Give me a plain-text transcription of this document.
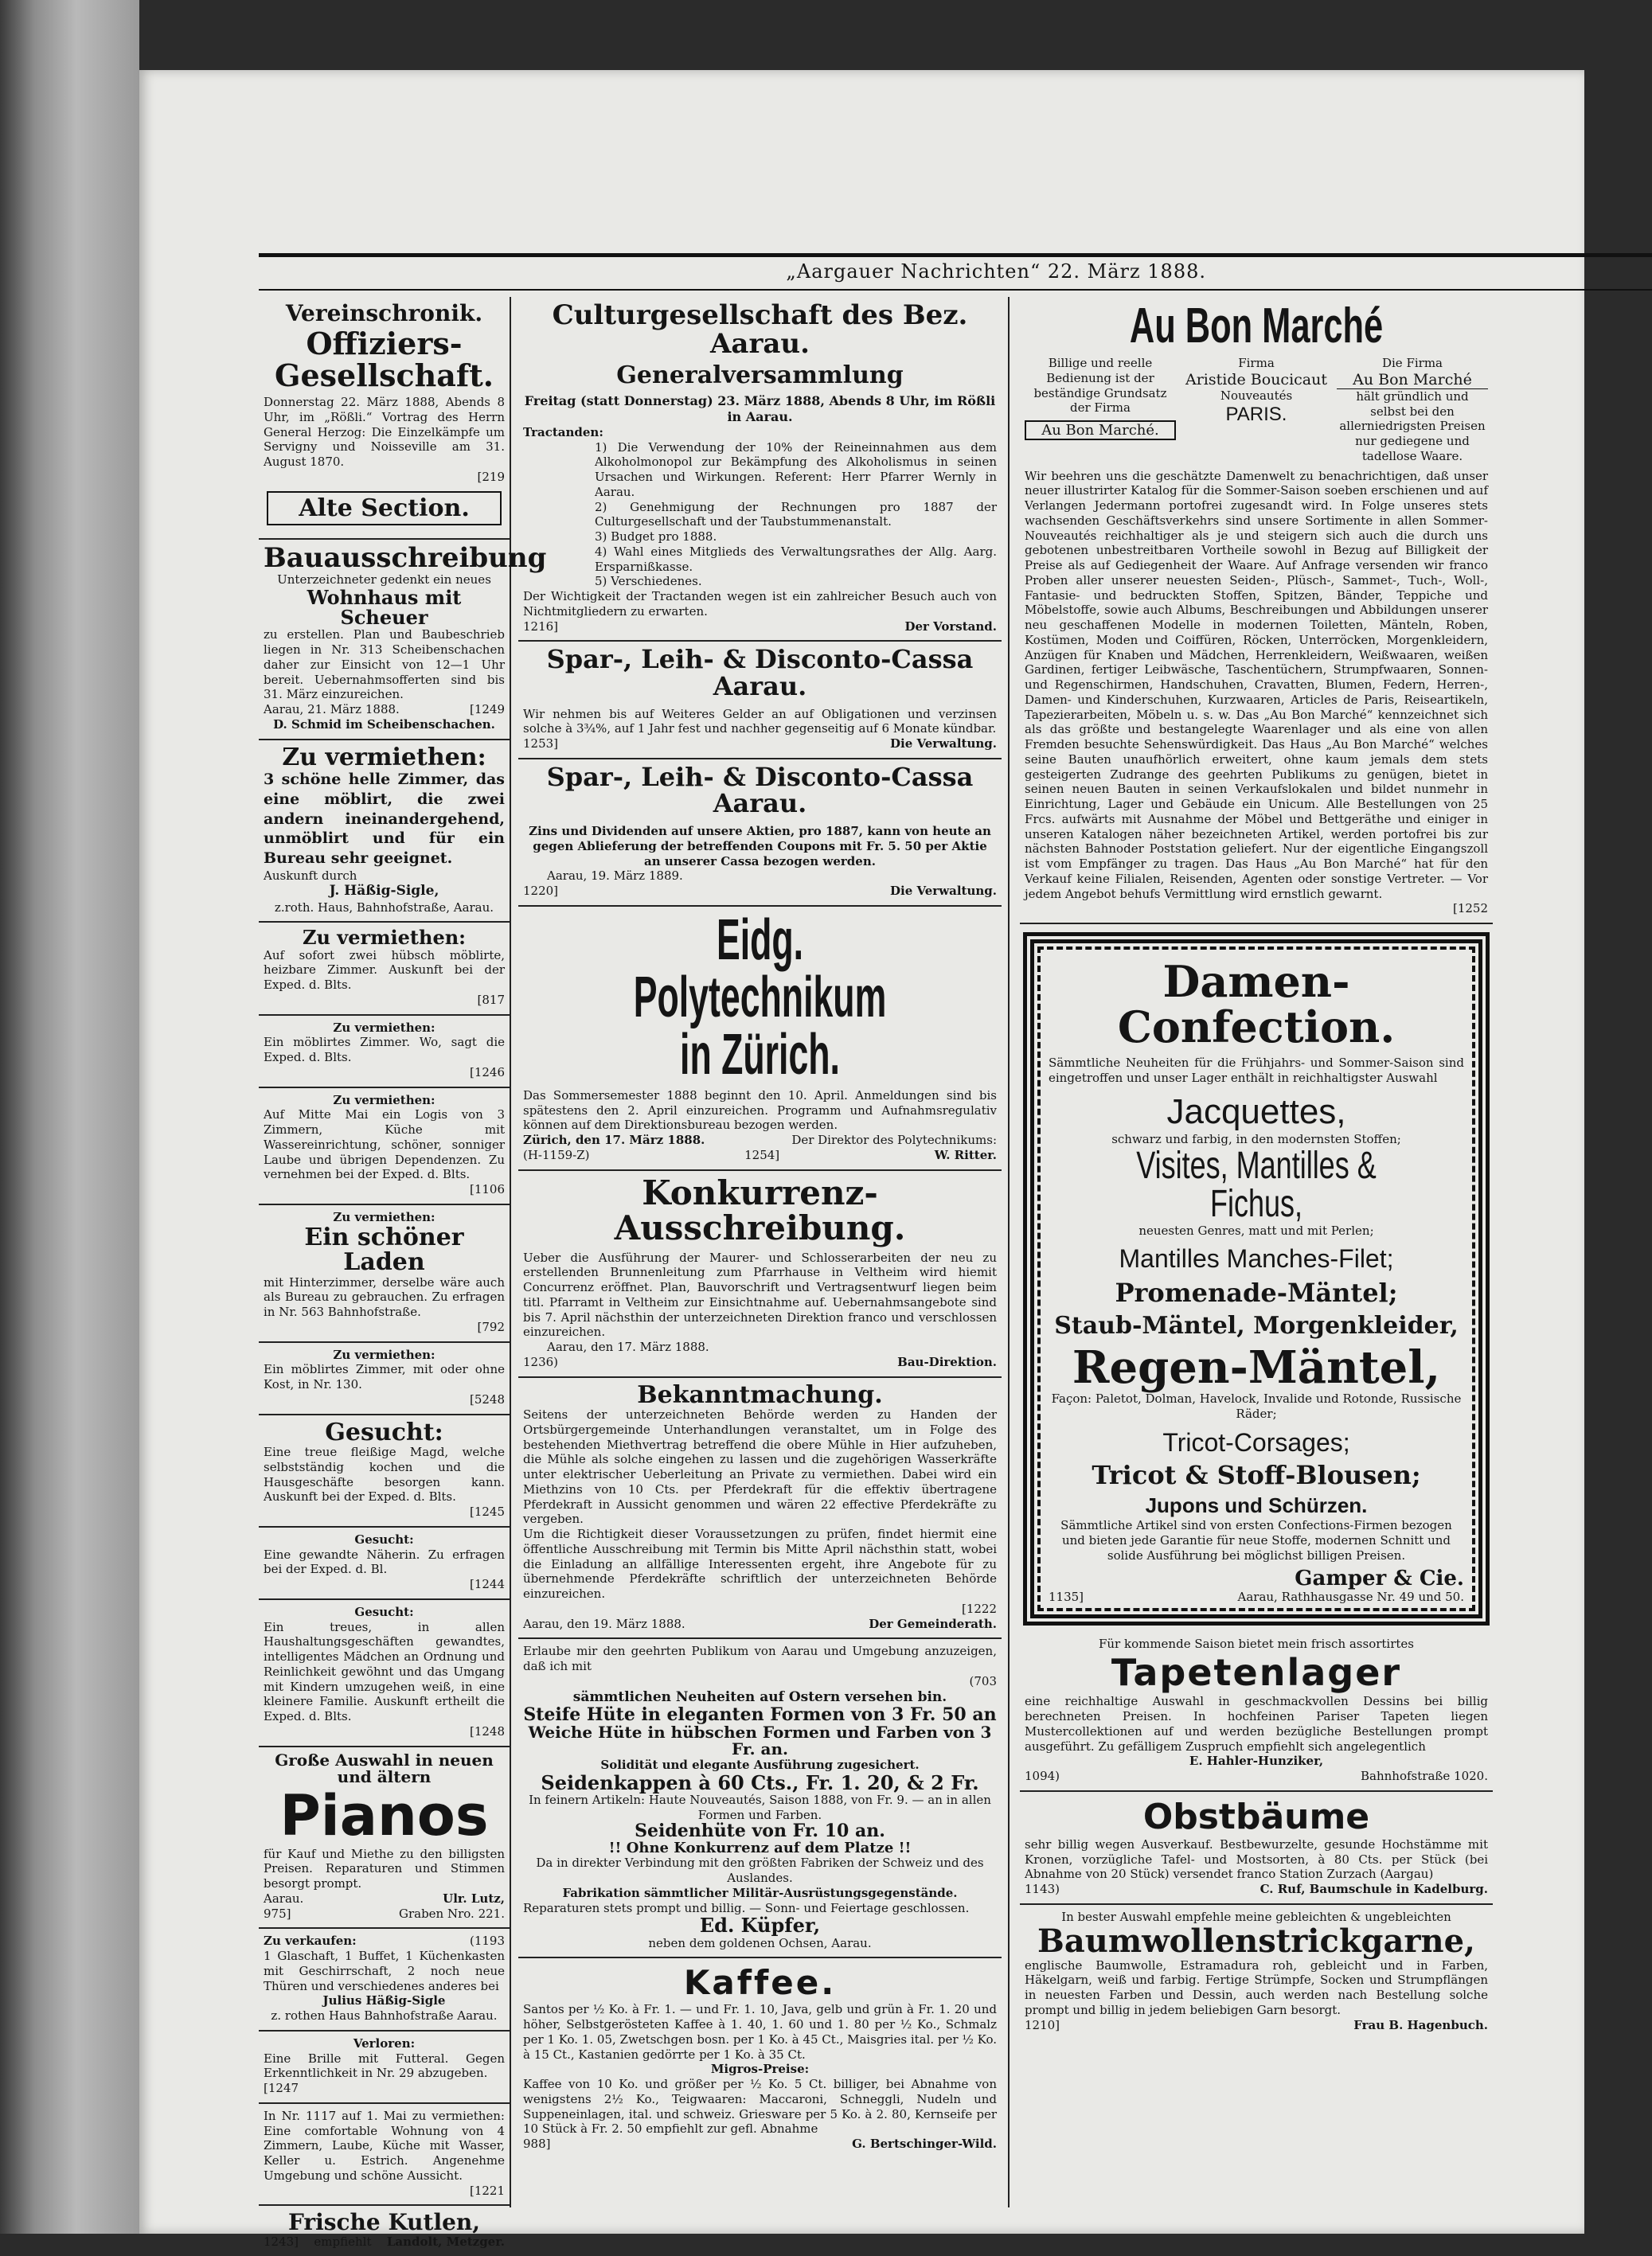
„Aargauer Nachrichten“ 22. März 1888.
Vereinschronik.
Offiziers-Gesellschaft.
Donnerstag 22. März 1888, Abends 8 Uhr, im „Rößli.“ Vortrag des Herrn General Herzog: Die Einzelkämpfe um Servigny und Noisseville am 31. August 1870.
[219
Alte Section.
Bauausschreibung
Unterzeichneter gedenkt ein neues
Wohnhaus mit Scheuer
zu erstellen. Plan und Baubeschrieb liegen in Nr. 313 Scheibenschachen daher zur Einsicht von 12—1 Uhr bereit. Uebernahmsofferten sind bis 31. März einzureichen.
Aarau, 21. März 1888.	[1249
D. Schmid im Scheibenschachen.
Zu vermiethen:
3 schöne helle Zimmer, das eine möblirt, die zwei andern ineinandergehend, unmöblirt und für ein Bureau sehr geeignet.
Auskunft durch
J. Häßig-Sigle,
z.roth. Haus, Bahnhofstraße, Aarau.
Zu vermiethen:
Auf sofort zwei hübsch möblirte, heizbare Zimmer. Auskunft bei der Exped. d. Blts.
[817
Zu vermiethen:
Ein möblirtes Zimmer. Wo, sagt die Exped. d. Blts.
[1246
Zu vermiethen:
Auf Mitte Mai ein Logis von 3 Zimmern, Küche mit Wassereinrichtung, schöner, sonniger Laube und übrigen Dependenzen. Zu vernehmen bei der Exped. d. Blts.
[1106
Zu vermiethen:
Ein schöner Laden
mit Hinterzimmer, derselbe wäre auch als Bureau zu gebrauchen. Zu erfragen in Nr. 563 Bahnhofstraße.
[792
Zu vermiethen:
Ein möblirtes Zimmer, mit oder ohne Kost, in Nr. 130.
[5248
Gesucht:
Eine treue fleißige Magd, welche selbstständig kochen und die Hausgeschäfte besorgen kann. Auskunft bei der Exped. d. Blts.
[1245
Gesucht:
Eine gewandte Näherin. Zu erfragen bei der Exped. d. Bl.
[1244
Gesucht:
Ein treues, in allen Haushaltungsgeschäften gewandtes, intelligentes Mädchen an Ordnung und Reinlichkeit gewöhnt und das Umgang mit Kindern umzugehen weiß, in eine kleinere Familie. Auskunft ertheilt die Exped. d. Blts.
[1248
Große Auswahl in neuen und ältern
Pianos
für Kauf und Miethe zu den billigsten Preisen. Reparaturen und Stimmen besorgt prompt.
Aarau.	Ulr. Lutz,
975]	Graben Nro. 221.
Zu verkaufen:	(1193
1 Glaschaft, 1 Buffet, 1 Küchenkasten mit Geschirrschaft, 2 noch neue Thüren und verschiedenes anderes bei
Julius Häßig-Sigle
z. rothen Haus Bahnhofstraße Aarau.
Verloren:
Eine Brille mit Futteral. Gegen Erkenntlichkeit in Nr. 29 abzugeben.
[1247
In Nr. 1117 auf 1. Mai zu vermiethen: Eine comfortable Wohnung von 4 Zimmern, Laube, Küche mit Wasser, Keller u. Estrich. Angenehme Umgebung und schöne Aussicht.
[1221
Frische Kutlen,
1243] empfiehlt Landolt, Metzger.
Culturgesellschaft des Bez. Aarau.
Generalversammlung
Freitag (statt Donnerstag) 23. März 1888, Abends 8 Uhr, im Rößli in Aarau.
Tractanden:
1) Die Verwendung der 10% der Reineinnahmen aus dem Alkoholmonopol zur Bekämpfung des Alkoholismus in seinen Ursachen und Wirkungen. Referent: Herr Pfarrer Wernly in Aarau.
2) Genehmigung der Rechnungen pro 1887 der Culturgesellschaft und der Taubstummenanstalt.
3) Budget pro 1888.
4) Wahl eines Mitglieds des Verwaltungsrathes der Allg. Aarg. Ersparnißkasse.
5) Verschiedenes.
Der Wichtigkeit der Tractanden wegen ist ein zahlreicher Besuch auch von Nichtmitgliedern zu erwarten.
1216]	Der Vorstand.
Spar-, Leih- & Disconto-Cassa Aarau.
Wir nehmen bis auf Weiteres Gelder an auf Obligationen und verzinsen solche à 3¾%, auf 1 Jahr fest und nachher gegenseitig auf 6 Monate kündbar.
1253]	Die Verwaltung.
Spar-, Leih- & Disconto-Cassa Aarau.
Zins und Dividenden auf unsere Aktien, pro 1887, kann von heute an gegen Ablieferung der betreffenden Coupons mit Fr. 5. 50 per Aktie an unserer Cassa bezogen werden.
Aarau, 19. März 1889.
1220]	Die Verwaltung.
Eidg. Polytechnikum in Zürich.
Das Sommersemester 1888 beginnt den 10. April. Anmeldungen sind bis spätestens den 2. April einzureichen. Programm und Aufnahmsregulativ können auf dem Direktionsbureau bezogen werden.
Zürich, den 17. März 1888.	Der Direktor des Polytechnikums:
(H-1159-Z)	1254]	W. Ritter.
Konkurrenz-Ausschreibung.
Ueber die Ausführung der Maurer- und Schlosserarbeiten der neu zu erstellenden Brunnenleitung zum Pfarrhause in Veltheim wird hiemit Concurrenz eröffnet. Plan, Bauvorschrift und Vertragsentwurf liegen beim titl. Pfarramt in Veltheim zur Einsichtnahme auf. Uebernahmsangebote sind bis 7. April nächsthin der unterzeichneten Direktion franco und verschlossen einzureichen.
Aarau, den 17. März 1888.
1236)	Bau-Direktion.
Bekanntmachung.
Seitens der unterzeichneten Behörde werden zu Handen der Ortsbürgergemeinde Unterhandlungen veranstaltet, um in Folge des bestehenden Miethvertrag betreffend die obere Mühle in Hier aufzuheben, die Mühle als solche eingehen zu lassen und die zugehörigen Wasserkräfte unter elektrischer Ueberleitung an Private zu vermiethen. Dabei wird ein Miethzins von 10 Cts. per Pferdekraft für die effektiv übertragene Pferdekraft in Aussicht genommen und wären 22 effective Pferdekräfte zu vergeben.
Um die Richtigkeit dieser Voraussetzungen zu prüfen, findet hiermit eine öffentliche Ausschreibung mit Termin bis Mitte April nächsthin statt, wobei die Einladung an allfällige Interessenten ergeht, ihre Angebote für zu übernehmende Pferdekräfte schriftlich der unterzeichneten Behörde einzureichen.
[1222
Aarau, den 19. März 1888.	Der Gemeinderath.
Erlaube mir den geehrten Publikum von Aarau und Umgebung anzuzeigen, daß ich mit
(703
sämmtlichen Neuheiten auf Ostern versehen bin.
Steife Hüte in eleganten Formen von 3 Fr. 50 an
Weiche Hüte in hübschen Formen und Farben von 3 Fr. an.
Solidität und elegante Ausführung zugesichert.
Seidenkappen à 60 Cts., Fr. 1. 20, & 2 Fr.
In feinern Artikeln: Haute Nouveautés, Saison 1888, von Fr. 9. — an in allen Formen und Farben.
Seidenhüte von Fr. 10 an.
!! Ohne Konkurrenz auf dem Platze !!
Da in direkter Verbindung mit den größten Fabriken der Schweiz und des Auslandes.
Fabrikation sämmtlicher Militär-Ausrüstungsgegenstände.
Reparaturen stets prompt und billig. — Sonn- und Feiertage geschlossen.
Ed. Küpfer,
neben dem goldenen Ochsen, Aarau.
Kaffee.
Santos per ½ Ko. à Fr. 1. — und Fr. 1. 10, Java, gelb und grün à Fr. 1. 20 und höher, Selbstgerösteten Kaffee à 1. 40, 1. 60 und 1. 80 per ½ Ko., Schmalz per 1 Ko. 1. 05, Zwetschgen bosn. per 1 Ko. à 45 Ct., Maisgries ital. per ½ Ko. à 15 Ct., Kastanien gedörrte per 1 Ko. à 35 Ct.
Migros-Preise:
Kaffee von 10 Ko. und größer per ½ Ko. 5 Ct. billiger, bei Abnahme von wenigstens 2½ Ko., Teigwaaren: Maccaroni, Schneggli, Nudeln und Suppeneinlagen, ital. und schweiz. Griesware per 5 Ko. à 2. 80, Kernseife per 10 Stück à Fr. 2. 50 empfiehlt zur gefl. Abnahme
988]	G. Bertschinger-Wild.
Au Bon Marché
Billige und reelle Bedienung ist der beständige Grundsatz der Firma
Au Bon Marché.
Firma
Aristide Boucicaut
Nouveautés
PARIS.
Die Firma
Au Bon Marché
hält gründlich und selbst bei den allerniedrigsten Preisen nur gediegene und tadellose Waare.
Wir beehren uns die geschätzte Damenwelt zu benachrichtigen, daß unser neuer illustrirter Katalog für die Sommer-Saison soeben erschienen und auf Verlangen Jedermann portofrei zugesandt wird. In Folge unseres stets wachsenden Geschäftsverkehrs sind unsere Sortimente in allen Sommer-Nouveautés reichhaltiger als je und steigern sich auch die durch uns gebotenen unbestreitbaren Vortheile sowohl in Bezug auf Billigkeit der Preise als auf Gediegenheit der Waare. Auf Anfrage versenden wir franco Proben aller unserer neuesten Seiden-, Plüsch-, Sammet-, Tuch-, Woll-, Fantasie- und bedruckten Stoffen, Spitzen, Bänder, Teppiche und Möbelstoffe, sowie auch Albums, Beschreibungen und Abbildungen unserer neu geschaffenen Modelle in modernen Toiletten, Mänteln, Roben, Kostümen, Moden und Coiffüren, Röcken, Unterröcken, Morgenkleidern, Anzügen für Knaben und Mädchen, Herrenkleidern, Weißwaaren, weißen Gardinen, fertiger Leibwäsche, Taschentüchern, Strumpfwaaren, Sonnen- und Regenschirmen, Handschuhen, Cravatten, Blumen, Federn, Herren-, Damen- und Kinderschuhen, Kurzwaaren, Articles de Paris, Reiseartikeln, Tapezierarbeiten, Möbeln u. s. w. Das „Au Bon Marché“ kennzeichnet sich als das größte und bestangelegte Waarenlager und als eine von allen Fremden besuchte Sehenswürdigkeit. Das Haus „Au Bon Marché“ welches seine Bauten unaufhörlich erweitert, ohne kaum jemals dem stets gesteigerten Zudrange des geehrten Publikums zu genügen, bietet in seinen neuen Bauten in seinen Verkaufslokalen und bildet nunmehr in Einrichtung, Lager und Gebäude ein Unicum. Alle Bestellungen von 25 Frcs. aufwärts mit Ausnahme der Möbel und Bettgeräthe und einiger in unseren Katalogen näher bezeichneten Artikel, werden portofrei bis zur nächsten Bahnoder Poststation geliefert. Nur der eigentliche Eingangszoll ist vom Empfänger zu tragen. Das Haus „Au Bon Marché“ hat für den Verkauf keine Filialen, Reisenden, Agenten oder sonstige Vertreter. — Vor jedem Angebot behufs Vermittlung wird ernstlich gewarnt.
[1252
Damen-Confection.
Sämmtliche Neuheiten für die Frühjahrs- und Sommer-Saison sind eingetroffen und unser Lager enthält in reichhaltigster Auswahl
Jacquettes,
schwarz und farbig, in den modernsten Stoffen;
Visites, Mantilles & Fichus,
neuesten Genres, matt und mit Perlen;
Mantilles Manches-Filet;
Promenade-Mäntel;
Staub-Mäntel, Morgenkleider,
Regen-Mäntel,
Façon: Paletot, Dolman, Havelock, Invalide und Rotonde, Russische Räder;
Tricot-Corsages;
Tricot & Stoff-Blousen;
Jupons und Schürzen.
Sämmtliche Artikel sind von ersten Confections-Firmen bezogen und bieten jede Garantie für neue Stoffe, modernen Schnitt und solide Ausführung bei möglichst billigen Preisen.
Gamper & Cie.
1135]	Aarau, Rathhausgasse Nr. 49 und 50.
Für kommende Saison bietet mein frisch assortirtes
Tapetenlager
eine reichhaltige Auswahl in geschmackvollen Dessins bei billig berechneten Preisen. In hochfeinen Pariser Tapeten liegen Mustercollektionen auf und werden bezügliche Bestellungen prompt ausgeführt. Zu gefälligem Zuspruch empfiehlt sich angelegentlich
E. Hahler-Hunziker,
1094)	Bahnhofstraße 1020.
Obstbäume
sehr billig wegen Ausverkauf. Bestbewurzelte, gesunde Hochstämme mit Kronen, vorzügliche Tafel- und Mostsorten, à 80 Cts. per Stück (bei Abnahme von 20 Stück) versendet franco Station Zurzach (Aargau)
1143)	C. Ruf, Baumschule in Kadelburg.
In bester Auswahl empfehle meine gebleichten & ungebleichten
Baumwollenstrickgarne,
englische Baumwolle, Estramadura roh, gebleicht und in Farben, Häkelgarn, weiß und farbig. Fertige Strümpfe, Socken und Strumpflängen in neuesten Farben und Dessin, auch werden nach Bestellung solche prompt und billig in jedem beliebigen Garn besorgt.
1210]	Frau B. Hagenbuch.
